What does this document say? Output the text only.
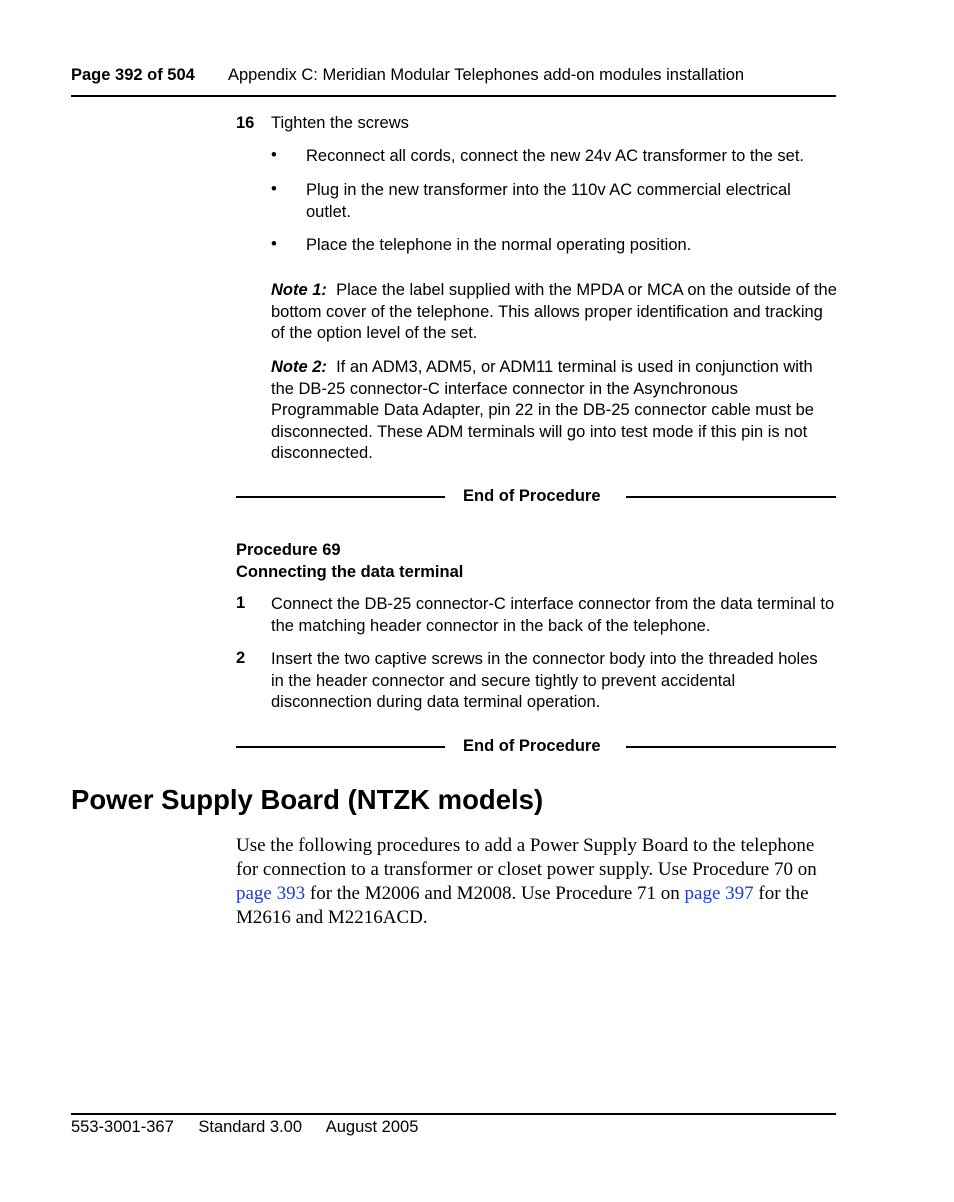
Page 392 of 504 Appendix C: Meridian Modular Telephones add-on modules installation
16 Tighten the screws
• Reconnect all cords, connect the new 24v AC transformer to the set.
• Plug in the new transformer into the 110v AC commercial electrical outlet.
• Place the telephone in the normal operating position.
Note 1: Place the label supplied with the MPDA or MCA on the outside of the bottom cover of the telephone. This allows proper identification and tracking of the option level of the set.
Note 2: If an ADM3, ADM5, or ADM11 terminal is used in conjunction with the DB-25 connector-C interface connector in the Asynchronous Programmable Data Adapter, pin 22 in the DB-25 connector cable must be disconnected. These ADM terminals will go into test mode if this pin is not disconnected.
End of Procedure
Procedure 69
Connecting the data terminal
1 Connect the DB-25 connector-C interface connector from the data terminal to the matching header connector in the back of the telephone.
2 Insert the two captive screws in the connector body into the threaded holes in the header connector and secure tightly to prevent accidental disconnection during data terminal operation.
End of Procedure
Power Supply Board (NTZK models)
Use the following procedures to add a Power Supply Board to the telephone for connection to a transformer or closet power supply. Use Procedure 70 on page 393 for the M2006 and M2008. Use Procedure 71 on page 397 for the M2616 and M2216ACD.
553-3001-367 Standard 3.00 August 2005
